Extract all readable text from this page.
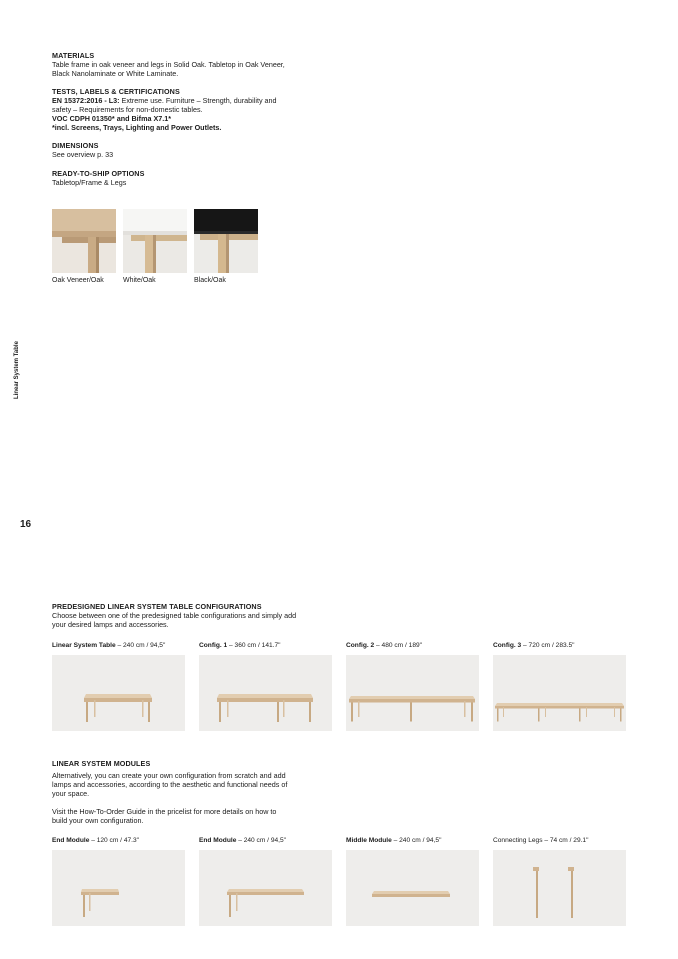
MATERIALS
Table frame in oak veneer and legs in Solid Oak. Tabletop in Oak Veneer, Black Nanolaminate or White Laminate.
TESTS, LABELS & CERTIFICATIONS
EN 15372:2016 - L3: Extreme use. Furniture – Strength, durability and safety – Requirements for non-domestic tables.
VOC CDPH 01350* and Bifma X7.1*
*incl. Screens, Trays, Lighting and Power Outlets.
DIMENSIONS
See overview p. 33
READY-TO-SHIP OPTIONS
Tabletop/Frame & Legs
Oak Veneer/Oak	White/Oak	Black/Oak
Linear System Table
16
PREDESIGNED LINEAR SYSTEM TABLE CONFIGURATIONS
Choose between one of the predesigned table configurations and simply add your desired lamps and accessories.
Linear System Table – 240 cm / 94,5"	Config. 1 – 360 cm / 141.7"	Config. 2 – 480 cm / 189"	Config. 3 – 720 cm / 283.5"
LINEAR SYSTEM MODULES
Alternatively, you can create your own configuration from scratch and add lamps and accessories, according to the aesthetic and functional needs of your space.
Visit the How-To-Order Guide in the pricelist for more details on how to build your own configuration.
End Module – 120 cm / 47.3"	End Module – 240 cm / 94,5"	Middle Module – 240 cm / 94,5"	Connecting Legs – 74 cm / 29.1"
